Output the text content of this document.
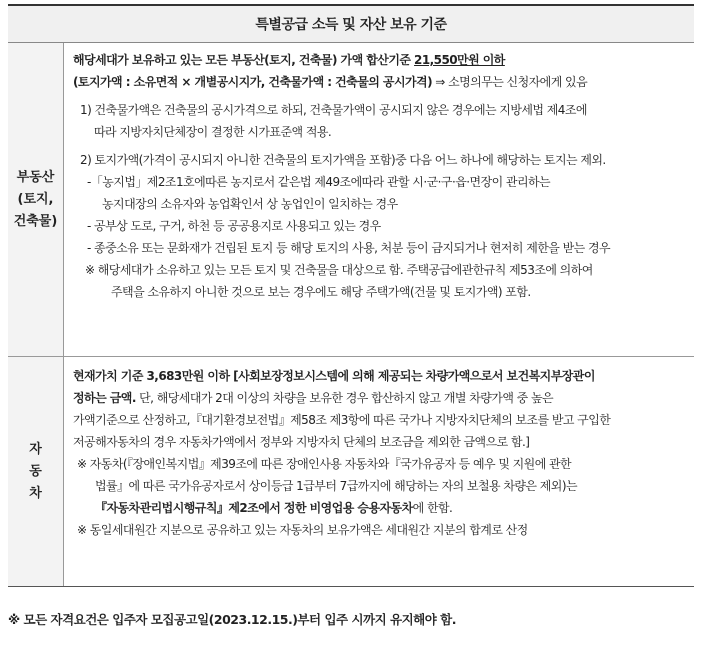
특별공급 소득 및 자산 보유 기준
부동산
(토지,
건축물)
해당세대가 보유하고 있는 모든 부동산(토지, 건축물) 가액 합산기준 21,550만원 이하
(토지가액 : 소유면적 × 개별공시지가, 건축물가액 : 건축물의 공시가격) ⇒ 소명의무는 신청자에게 있음
1) 건축물가액은 건축물의 공시가격으로 하되, 건축물가액이 공시되지 않은 경우에는 지방세법 제4조에
따라 지방자치단체장이 결정한 시가표준액 적용.
2) 토지가액(가격이 공시되지 아니한 건축물의 토지가액을 포함)중 다음 어느 하나에 해당하는 토지는 제외.
-「농지법」제2조1호에따른 농지로서 같은법 제49조에따라 관할 시·군·구·읍·면장이 관리하는
농지대장의 소유자와 농업확인서 상 농업인이 일치하는 경우
- 공부상 도로, 구거, 하천 등 공공용지로 사용되고 있는 경우
- 종중소유 또는 문화재가 건립된 토지 등 해당 토지의 사용, 처분 등이 금지되거나 현저히 제한을 받는 경우
※ 해당세대가 소유하고 있는 모든 토지 및 건축물을 대상으로 함. 주택공급에관한규칙 제53조에 의하여
주택을 소유하지 아니한 것으로 보는 경우에도 해당 주택가액(건물 및 토지가액) 포함.
자
동
차
현재가치 기준 3,683만원 이하 [사회보장정보시스템에 의해 제공되는 차량가액으로서 보건복지부장관이
정하는 금액. 단, 해당세대가 2대 이상의 차량을 보유한 경우 합산하지 않고 개별 차량가액 중 높은
가액기준으로 산정하고,『대기환경보전법』제58조 제3항에 따른 국가나 지방자치단체의 보조를 받고 구입한
저공해자동차의 경우 자동차가액에서 정부와 지방자치 단체의 보조금을 제외한 금액으로 함.]
※ 자동차(『장애인복지법』제39조에 따른 장애인사용 자동차와『국가유공자 등 예우 및 지원에 관한
법률』에 따른 국가유공자로서 상이등급 1급부터 7급까지에 해당하는 자의 보철용 차량은 제외)는
『자동차관리법시행규칙』제2조에서 정한 비영업용 승용자동차에 한함.
※ 동일세대원간 지분으로 공유하고 있는 자동차의 보유가액은 세대원간 지분의 합계로 산정
※ 모든 자격요건은 입주자 모집공고일(2023.12.15.)부터 입주 시까지 유지해야 함.
